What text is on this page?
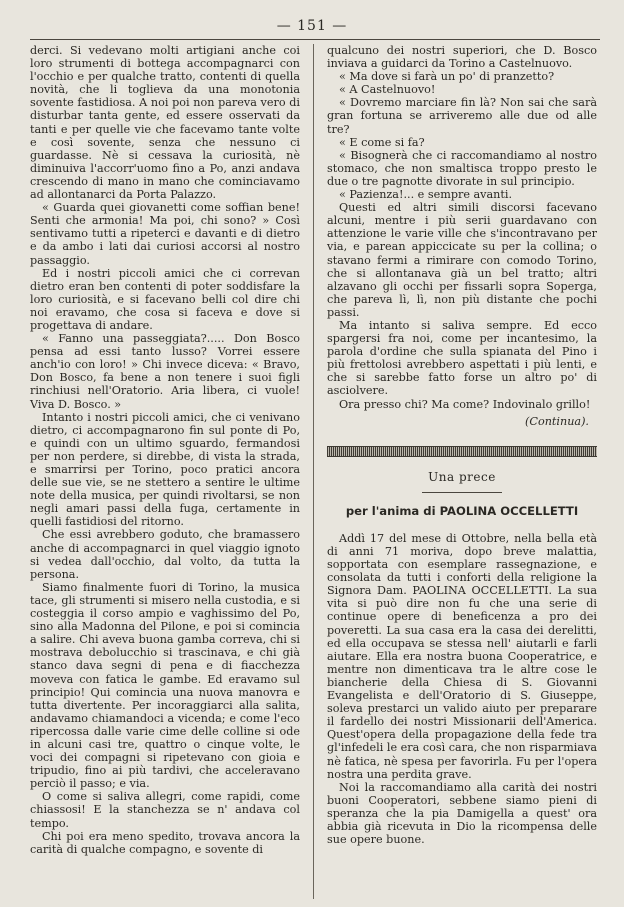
— 151 —

derci. Si vedevano molti artigiani anche coi loro strumenti di bottega accompagnarci con l'occhio e per qualche tratto, contenti di quella novità, che li toglieva da una monotonia sovente fastidiosa. A noi poi non pareva vero di disturbar tanta gente, ed essere osservati da tanti e per quelle vie che facevamo tante volte e così sovente, senza che nessuno ci guardasse. Nè si cessava la curiosità, nè diminuiva l'accorr'uomo fino a Po, anzi andava crescendo di mano in mano che cominciavamo ad allontanarci da Porta Palazzo.

« Guarda quei giovanetti come soffian bene! Senti che armonia! Ma poi, chi sono? » Così sentivamo tutti a ripeterci e davanti e di dietro e da ambo i lati dai curiosi accorsi al nostro passaggio.

Ed i nostri piccoli amici che ci correvan dietro eran ben contenti di poter soddisfare la loro curiosità, e si facevano belli col dire chi noi eravamo, che cosa si faceva e dove si progettava di andare.

« Fanno una passeggiata?..... Don Bosco pensa ad essi tanto lusso? Vorrei essere anch'io con loro! » Chi invece diceva: « Bravo, Don Bosco, fa bene a non tenere i suoi figli rinchiusi nell'Oratorio. Aria libera, ci vuole! Viva D. Bosco. »

Intanto i nostri piccoli amici, che ci venivano dietro, ci accompagnarono fin sul ponte di Po, e quindi con un ultimo sguardo, fermandosi per non perdere, si direbbe, di vista la strada, e smarrirsi per Torino, poco pratici ancora delle sue vie, se ne stettero a sentire le ultime note della musica, per quindi rivoltarsi, se non negli amari passi della fuga, certamente in quelli fastidiosi del ritorno.

Che essi avrebbero goduto, che bramassero anche di accompagnarci in quel viaggio ignoto si vedea dall'occhio, dal volto, da tutta la persona.

Siamo finalmente fuori di Torino, la musica tace, gli strumenti si misero nella custodia, e si costeggia il corso ampio e vaghissimo del Po, sino alla Madonna del Pilone, e poi si comincia a salire. Chi aveva buona gamba correva, chi si mostrava debolucchio si trascinava, e chi già stanco dava segni di pena e di fiacchezza moveva con fatica le gambe. Ed eravamo sul principio! Qui comincia una nuova manovra e tutta divertente. Per incoraggiarci alla salita, andavamo chiamandoci a vicenda; e come l'eco ripercossa dalle varie cime delle colline si ode in alcuni casi tre, quattro o cinque volte, le voci dei compagni si ripetevano con gioia e tripudio, fino ai più tardivi, che acceleravano perciò il passo; e via.

O come si saliva allegri, come rapidi, come chiassosi! E la stanchezza se n' andava col tempo.

Chi poi era meno spedito, trovava ancora la carità di qualche compagno, e sovente di

qualcuno dei nostri superiori, che D. Bosco inviava a guidarci da Torino a Castelnuovo.

« Ma dove si farà un po' di pranzetto?

« A Castelnuovo!

« Dovremo marciare fin là? Non sai che sarà gran fortuna se arriveremo alle due od alle tre?

« E come si fa?

« Bisognerà che ci raccomandiamo al nostro stomaco, che non smaltisca troppo presto le due o tre pagnotte divorate in sul principio.

« Pazienza!... e sempre avanti.

Questi ed altri simili discorsi facevano alcuni, mentre i più serii guardavano con attenzione le varie ville che s'incontravano per via, e parean appiccicate su per la collina; o stavano fermi a rimirare con comodo Torino, che si allontanava già un bel tratto; altri alzavano gli occhi per fissarli sopra Soperga, che pareva lì, lì, non più distante che pochi passi.

Ma intanto si saliva sempre. Ed ecco spargersi fra noi, come per incantesimo, la parola d'ordine che sulla spianata del Pino i più frettolosi avrebbero aspettati i più lenti, e che si sarebbe fatto forse un altro po' di asciolvere.

Ora presso chi? Ma come? Indovinalo grillo!

(Continua).
Una prece
per l'anima di PAOLINA OCCELLETTI

Addì 17 del mese di Ottobre, nella bella età di anni 71 moriva, dopo breve malattia, sopportata con esemplare rassegnazione, e consolata da tutti i conforti della religione la Signora Dam. PAOLINA OCCELLETTI. La sua vita si può dire non fu che una serie di continue opere di beneficenza a pro dei poveretti. La sua casa era la casa dei derelitti, ed ella occupava se stessa nell' aiutarli e farli aiutare. Ella era nostra buona Cooperatrice, e mentre non dimenticava tra le altre cose le biancherie della Chiesa di S. Giovanni Evangelista e dell'Oratorio di S. Giuseppe, soleva prestarci un valido aiuto per preparare il fardello dei nostri Missionarii dell'America. Quest'opera della propagazione della fede tra gl'infedeli le era così cara, che non risparmiava nè fatica, nè spesa per favorirla. Fu per l'opera nostra una perdita grave.

Noi la raccomandiamo alla carità dei nostri buoni Cooperatori, sebbene siamo pieni di speranza che la pia Damigella a quest' ora abbia già ricevuta in Dio la ricompensa delle sue opere buone.
